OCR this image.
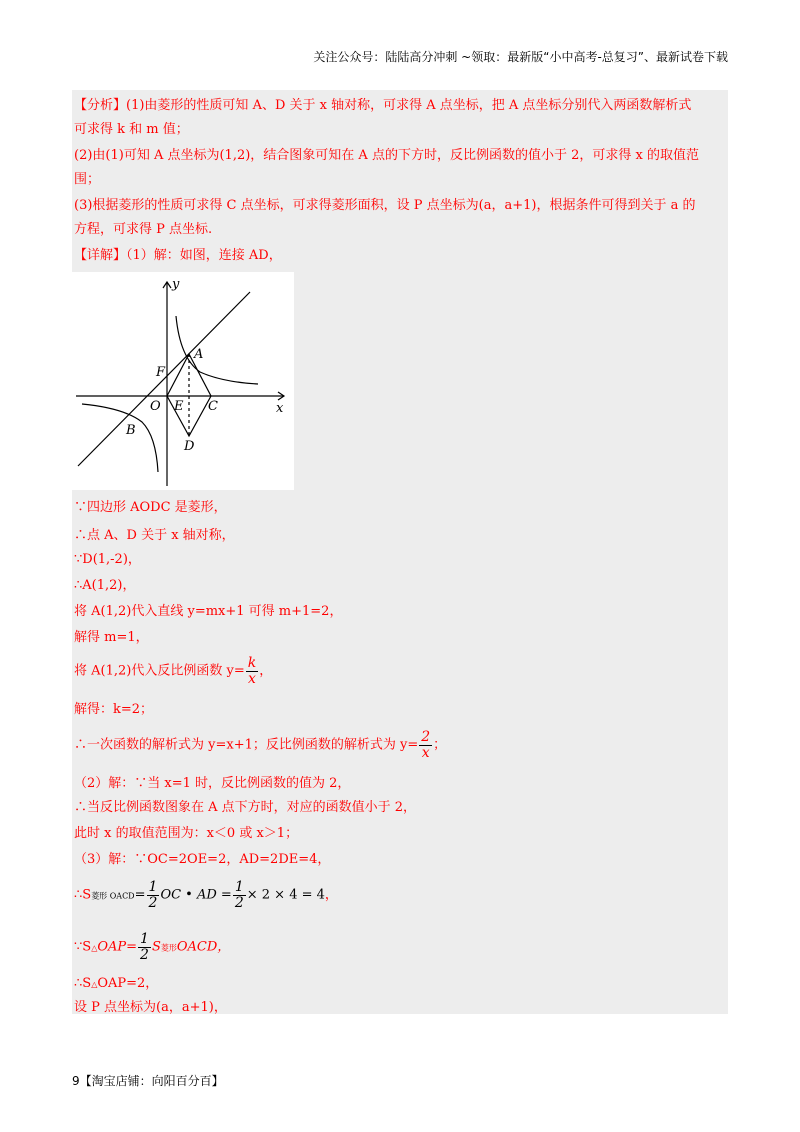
关注公众号：陆陆高分冲刺 ~领取：最新版“小中高考-总复习”、最新试卷下载
【分析】(1)由菱形的性质可知 A、D 关于 x 轴对称，可求得 A 点坐标，把 A 点坐标分别代入两函数解析式
可求得 k 和 m 值；
(2)由(1)可知 A 点坐标为(1,2)，结合图象可知在 A 点的下方时，反比例函数的值小于 2，可求得 x 的取值范
围；
(3)根据菱形的性质可求得 C 点坐标，可求得菱形面积，设 P 点坐标为(a，a+1)，根据条件可得到关于 a 的
方程，可求得 P 点坐标.
【详解】（1）解：如图，连接 AD，
y
x
A
B
C
D
E
F
O
∵四边形 AODC 是菱形，
∴点 A、D 关于 x 轴对称，
∵D(1,-2)，
∴A(1,2)，
将 A(1,2)代入直线 y=mx+1 可得 m+1=2，
解得 m=1，
将 A(1,2)代入反比例函数 $y= \frac{k}{x}$ ，
解得：k=2；
∴一次函数的解析式为 y=x+1；反比例函数的解析式为 $y= \frac{2}{x}$ ；
（2）解：∵当 x=1 时，反比例函数的值为 2，
∴当反比例函数图象在 A 点下方时，对应的函数值小于 2，
此时 x 的取值范围为：x＜0 或 x＞1；
（3）解：∵OC=2OE=2，AD=2DE=4，
∴S菱形 OACD= $\frac{1}{2}$ OC • AD = $\frac{1}{2} \times 2 \times 4 = 4$，
∵S△OAP= $\frac{1}{2}$ S菱形OACD，
∴S△OAP=2，
设 P 点坐标为(a，a+1)，
9【淘宝店铺：向阳百分百】
